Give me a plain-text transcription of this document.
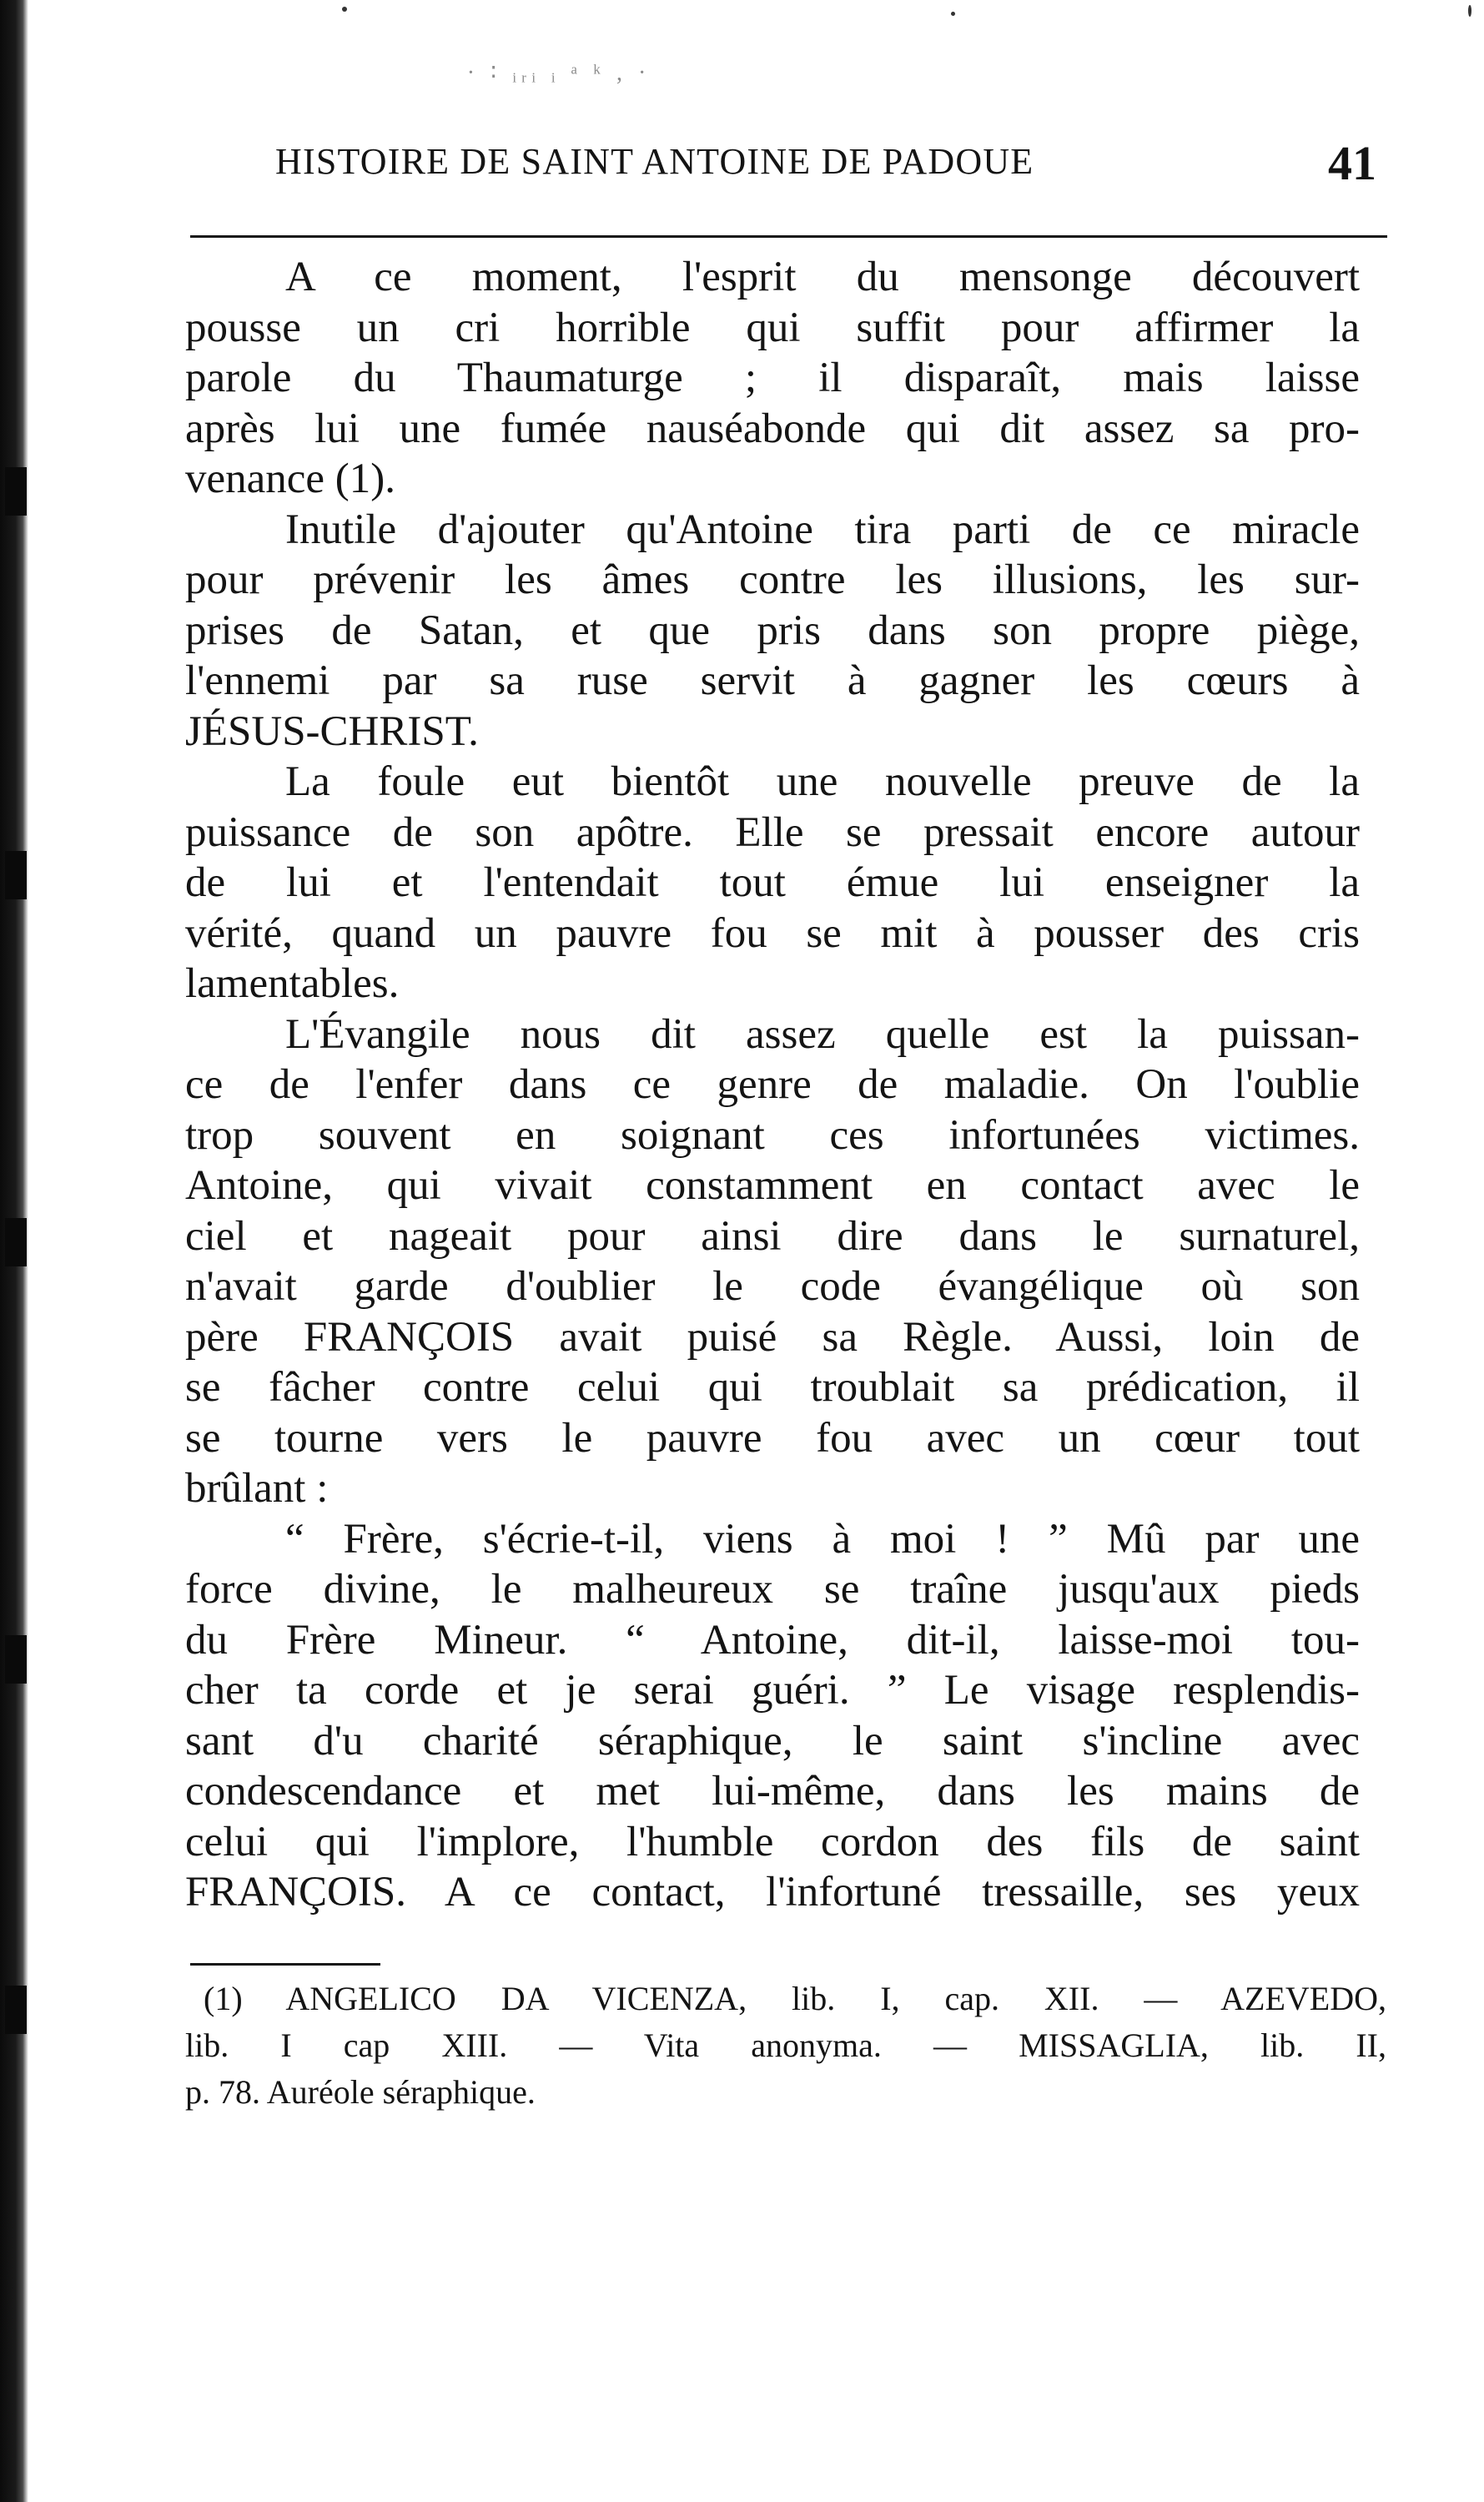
· ∶ ᵢᵣᵢ ᵢ ᵃ ᵏ , ·
HISTOIRE DE SAINT ANTOINE DE PADOUE	41
A ce moment, l'esprit du mensonge découvert
pousse un cri horrible qui suffit pour affirmer la
parole du Thaumaturge ; il disparaît, mais laisse
après lui une fumée nauséabonde qui dit assez sa pro-
venance (1).
Inutile d'ajouter qu'Antoine tira parti de ce miracle
pour prévenir les âmes contre les illusions, les sur-
prises de Satan, et que pris dans son propre piège,
l'ennemi par sa ruse servit à gagner les cœurs à
JÉSUS-CHRIST.
La foule eut bientôt une nouvelle preuve de la
puissance de son apôtre. Elle se pressait encore autour
de lui et l'entendait tout émue lui enseigner la
vérité, quand un pauvre fou se mit à pousser des cris
lamentables.
L'Évangile nous dit assez quelle est la puissan-
ce de l'enfer dans ce genre de maladie. On l'oublie
trop souvent en soignant ces infortunées victimes.
Antoine, qui vivait constamment en contact avec le
ciel et nageait pour ainsi dire dans le surnaturel,
n'avait garde d'oublier le code évangélique où son
père FRANÇOIS avait puisé sa Règle. Aussi, loin de
se fâcher contre celui qui troublait sa prédication, il
se tourne vers le pauvre fou avec un cœur tout
brûlant :
“ Frère, s'écrie-t-il, viens à moi ! ” Mû par une
force divine, le malheureux se traîne jusqu'aux pieds
du Frère Mineur. “ Antoine, dit-il, laisse-moi tou-
cher ta corde et je serai guéri. ” Le visage resplendis-
sant d'u charité séraphique, le saint s'incline avec
condescendance et met lui-même, dans les mains de
celui qui l'implore, l'humble cordon des fils de saint
FRANÇOIS. A ce contact, l'infortuné tressaille, ses yeux
(1) ANGELICO DA VICENZA, lib. I, cap. XII. — AZEVEDO,
lib. I cap XIII. — Vita anonyma. — MISSAGLIA, lib. II,
p. 78. Auréole séraphique.
